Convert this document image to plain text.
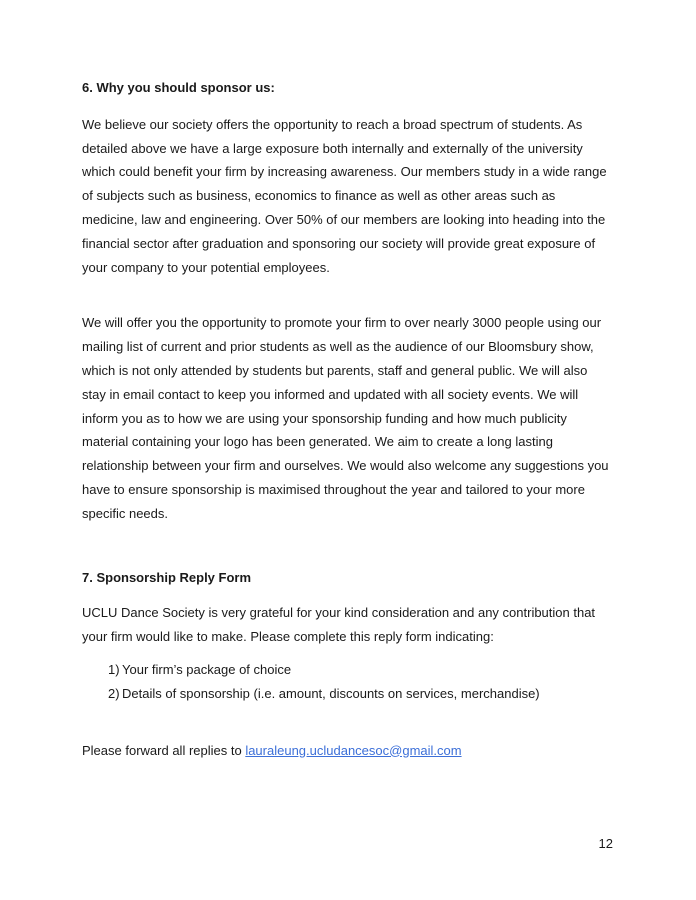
6. Why you should sponsor us:

We believe our society offers the opportunity to reach a broad spectrum of students. As detailed above we have a large exposure both internally and externally of the university which could benefit your firm by increasing awareness. Our members study in a wide range of subjects such as business, economics to finance as well as other areas such as medicine, law and engineering. Over 50% of our members are looking into heading into the financial sector after graduation and sponsoring our society will provide great exposure of your company to your potential employees.

We will offer you the opportunity to promote your firm to over nearly 3000 people using our mailing list of current and prior students as well as the audience of our Bloomsbury show, which is not only attended by students but parents, staff and general public. We will also stay in email contact to keep you informed and updated with all society events. We will inform you as to how we are using your sponsorship funding and how much publicity material containing your logo has been generated. We aim to create a long lasting relationship between your firm and ourselves. We would also welcome any suggestions you have to ensure sponsorship is maximised throughout the year and tailored to your more specific needs.

7. Sponsorship Reply Form

UCLU Dance Society is very grateful for your kind consideration and any contribution that your firm would like to make. Please complete this reply form indicating:

1) Your firm’s package of choice
2) Details of sponsorship (i.e. amount, discounts on services, merchandise)

Please forward all replies to lauraleung.ucludancesoc@gmail.com

12
